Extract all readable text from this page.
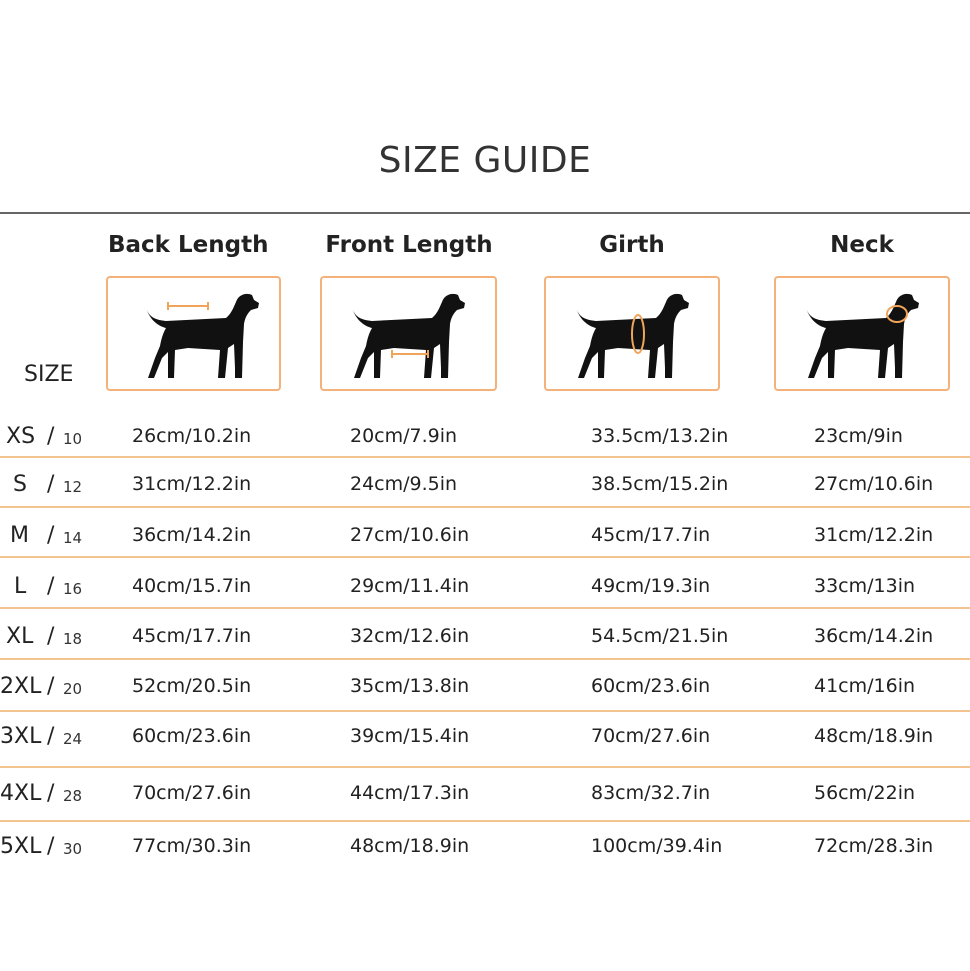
SIZE GUIDE
Back Length	Front Length	Girth	Neck
SIZE
XS / 10	26cm/10.2in	20cm/7.9in	33.5cm/13.2in	23cm/9in
S / 12	31cm/12.2in	24cm/9.5in	38.5cm/15.2in	27cm/10.6in
M / 14	36cm/14.2in	27cm/10.6in	45cm/17.7in	31cm/12.2in
L / 16	40cm/15.7in	29cm/11.4in	49cm/19.3in	33cm/13in
XL / 18	45cm/17.7in	32cm/12.6in	54.5cm/21.5in	36cm/14.2in
2XL / 20	52cm/20.5in	35cm/13.8in	60cm/23.6in	41cm/16in
3XL / 24	60cm/23.6in	39cm/15.4in	70cm/27.6in	48cm/18.9in
4XL / 28	70cm/27.6in	44cm/17.3in	83cm/32.7in	56cm/22in
5XL / 30	77cm/30.3in	48cm/18.9in	100cm/39.4in	72cm/28.3in
